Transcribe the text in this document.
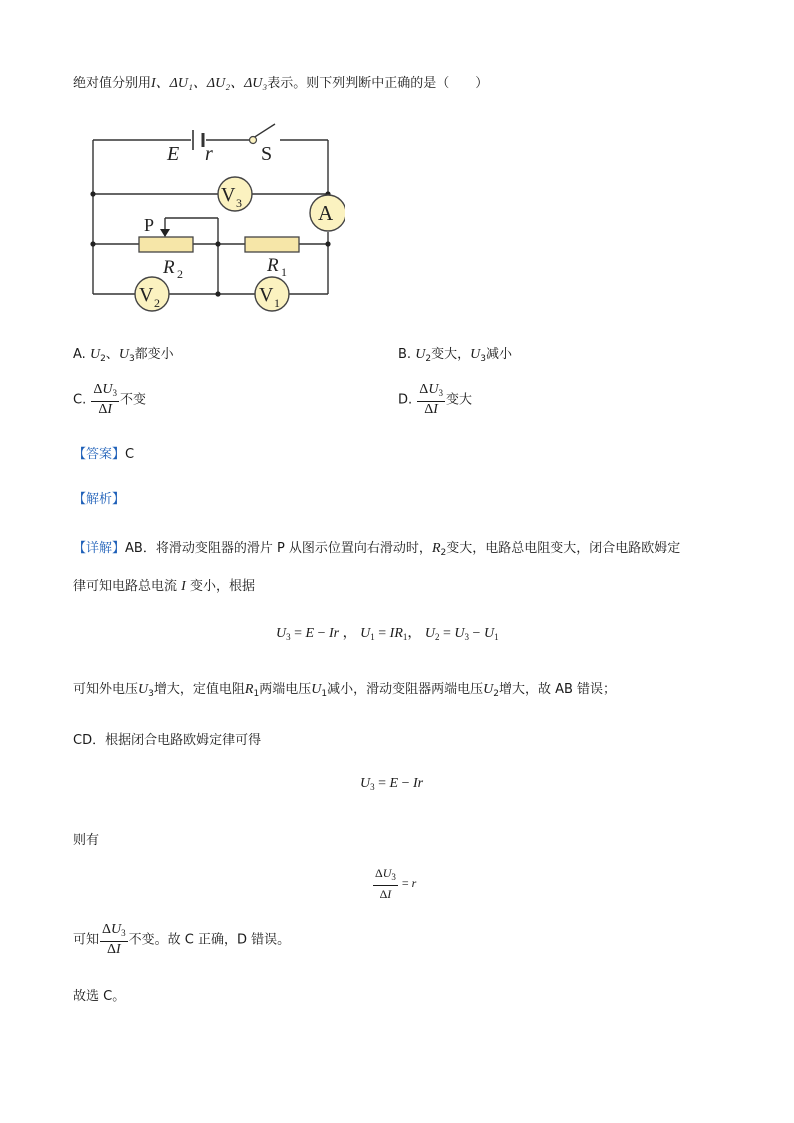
绝对值分别用I、ΔU₁、ΔU₂、ΔU₃表示。则下列判断中正确的是（　　）
E r S
V 3	A
P
R 2	R 1
V 2	V 1
A. $U_2$、$U_3$都变小	B. $U_2$变大，$U_3$减小
C. $\frac{\Delta U_3}{\Delta I}$ 不变	D. $\frac{\Delta U_3}{\Delta I}$ 变大
【答案】C
【解析】
【详解】AB．将滑动变阻器的滑片 P 从图示位置向右滑动时，$R_2$变大，电路总电阻变大，闭合电路欧姆定
律可知电路总电流 I 变小，根据
$U_3 = E - Ir$ ， $U_1 = IR_1$， $U_2 = U_3 - U_1$
可知外电压$U_3$增大，定值电阻$R_1$两端电压$U_1$减小，滑动变阻器两端电压$U_2$增大，故 AB 错误；
CD．根据闭合电路欧姆定律可得
$U_3 = E - Ir$
则有
$\frac{\Delta U_3}{\Delta I} = r$
可知 $\frac{\Delta U_3}{\Delta I}$ 不变。故 C 正确，D 错误。
故选 C。
